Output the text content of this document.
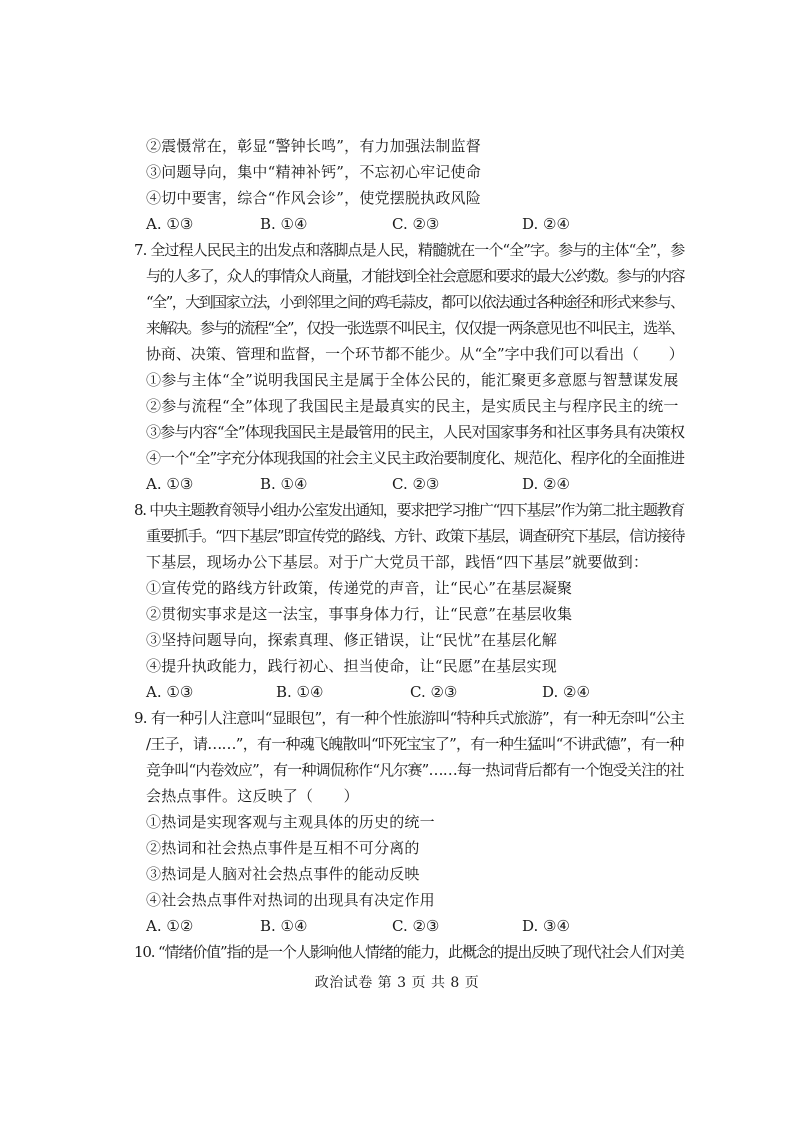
②震慑常在，彰显“警钟长鸣”，有力加强法制监督
③问题导向，集中“精神补钙”，不忘初心牢记使命
④切中要害，综合“作风会诊”，使党摆脱执政风险
A. ①③	B. ①④	C. ②③	D. ②④
7. 全过程人民民主的出发点和落脚点是人民，精髓就在一个“全”字。参与的主体“全”，参
与的人多了，众人的事情众人商量，才能找到全社会意愿和要求的最大公约数。参与的内容
“全”，大到国家立法，小到邻里之间的鸡毛蒜皮，都可以依法通过各种途径和形式来参与、
来解决。参与的流程“全”，仅投一张选票不叫民主，仅仅提一两条意见也不叫民主，选举、
协商、决策、管理和监督，一个环节都不能少。从“全”字中我们可以看出（　　）
①参与主体“全”说明我国民主是属于全体公民的，能汇聚更多意愿与智慧谋发展
②参与流程“全”体现了我国民主是最真实的民主，是实质民主与程序民主的统一
③参与内容“全”体现我国民主是最管用的民主，人民对国家事务和社区事务具有决策权
④一个“全”字充分体现我国的社会主义民主政治要制度化、规范化、程序化的全面推进
A. ①③	B. ①④	C. ②③	D. ②④
8. 中央主题教育领导小组办公室发出通知，要求把学习推广“四下基层”作为第二批主题教育
重要抓手。“四下基层”即宣传党的路线、方针、政策下基层，调查研究下基层，信访接待
下基层，现场办公下基层。对于广大党员干部，践悟“四下基层”就要做到：
①宣传党的路线方针政策，传递党的声音，让“民心”在基层凝聚
②贯彻实事求是这一法宝，事事身体力行，让“民意”在基层收集
③坚持问题导向，探索真理、修正错误，让“民忧”在基层化解
④提升执政能力，践行初心、担当使命，让“民愿”在基层实现
A. ①③	B. ①④	C. ②③	D. ②④
9. 有一种引人注意叫“显眼包”，有一种个性旅游叫“特种兵式旅游”，有一种无奈叫“公主
/王子，请……”，有一种魂飞魄散叫“吓死宝宝了”，有一种生猛叫“不讲武德”，有一种
竞争叫“内卷效应”，有一种调侃称作“凡尔赛”……每一热词背后都有一个饱受关注的社
会热点事件。这反映了（　　）
①热词是实现客观与主观具体的历史的统一
②热词和社会热点事件是互相不可分离的
③热词是人脑对社会热点事件的能动反映
④社会热点事件对热词的出现具有决定作用
A. ①②	B. ①④	C. ②③	D. ③④
10. “情绪价值”指的是一个人影响他人情绪的能力，此概念的提出反映了现代社会人们对美
政治试卷 第 3 页 共 8 页
